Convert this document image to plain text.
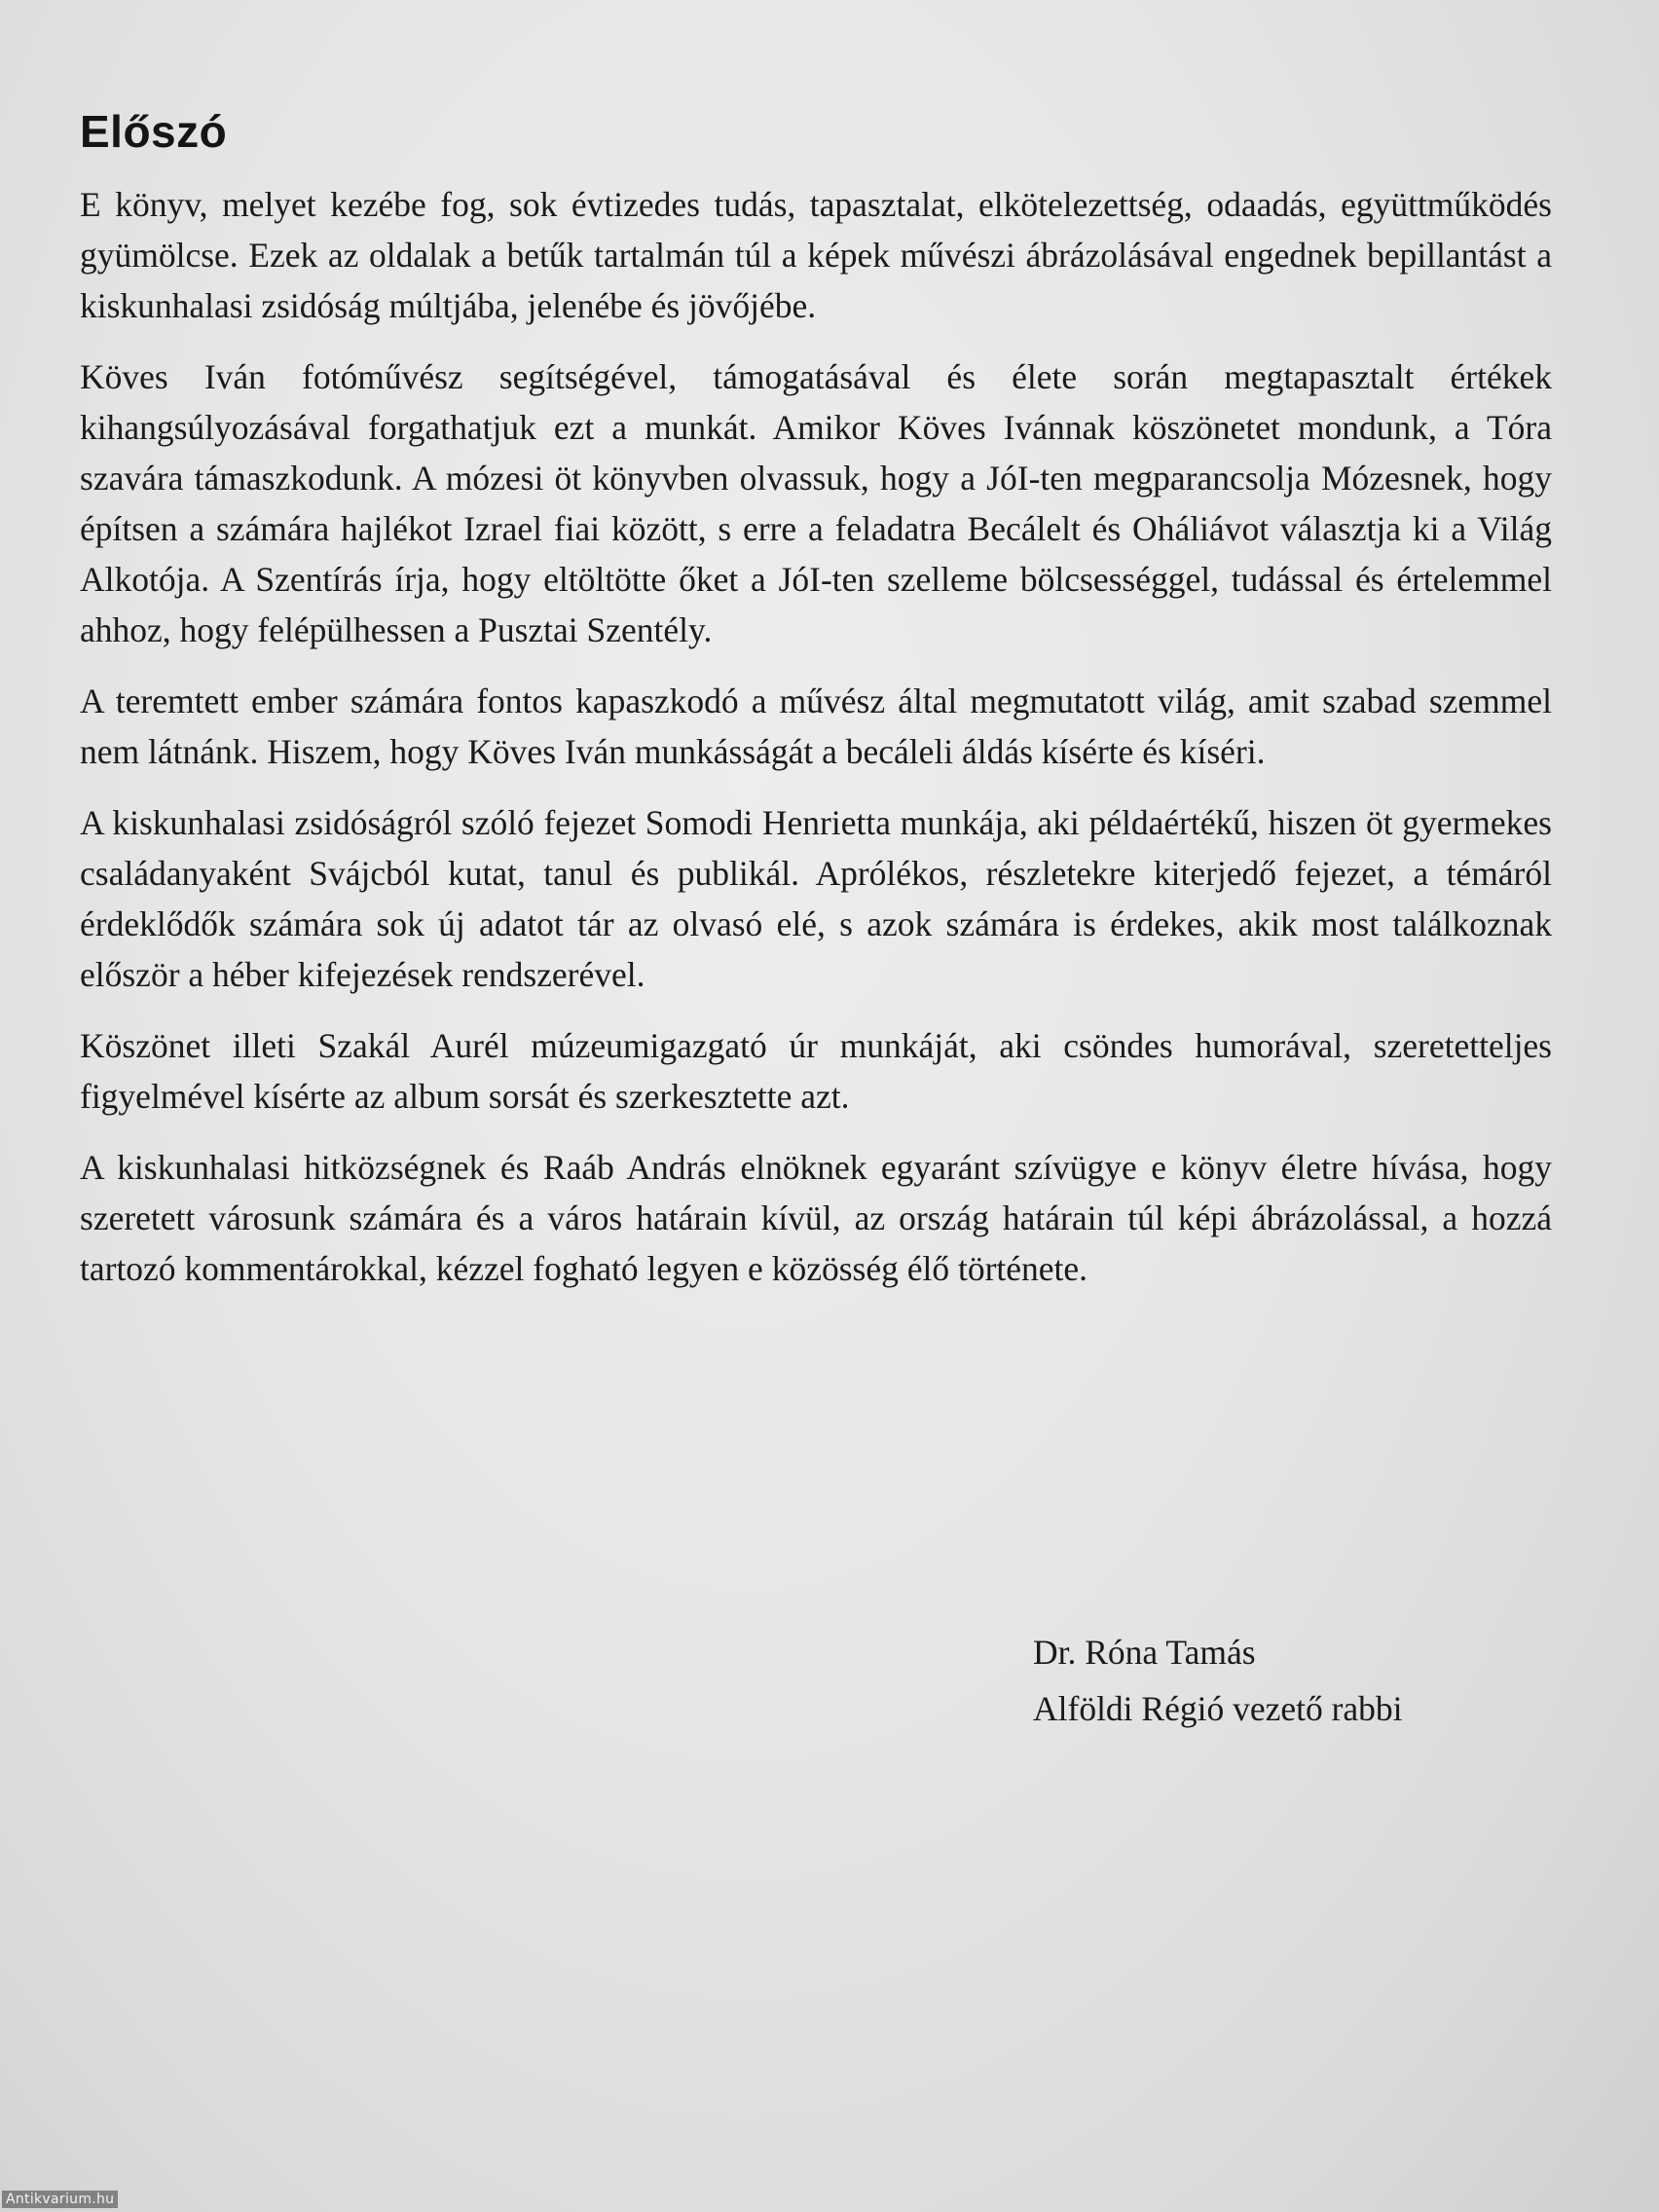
Előszó

E könyv, melyet kezébe fog, sok évtizedes tudás, tapasztalat, elkötelezettség, odaadás, együttműködés gyümölcse. Ezek az oldalak a betűk tartalmán túl a képek művészi ábrázolásával engednek bepillantást a kiskunhalasi zsidóság múltjába, jelenébe és jövőjébe.

Köves Iván fotóművész segítségével, támogatásával és élete során megtapasztalt értékek kihangsúlyozásával forgathatjuk ezt a munkát. Amikor Köves Ivánnak köszönetet mondunk, a Tóra szavára támaszkodunk. A mózesi öt könyvben olvassuk, hogy a JóI-ten megparancsolja Mózesnek, hogy építsen a számára hajlékot Izrael fiai között, s erre a feladatra Becálelt és Oháliávot választja ki a Világ Alkotója. A Szentírás írja, hogy eltöltötte őket a JóI-ten szelleme bölcsességgel, tudással és értelemmel ahhoz, hogy felépülhessen a Pusztai Szentély.

A teremtett ember számára fontos kapaszkodó a művész által megmutatott világ, amit szabad szemmel nem látnánk. Hiszem, hogy Köves Iván munkásságát a becáleli áldás kísérte és kíséri.

A kiskunhalasi zsidóságról szóló fejezet Somodi Henrietta munkája, aki példaértékű, hiszen öt gyermekes családanyaként Svájcból kutat, tanul és publikál. Aprólékos, részletekre kiterjedő fejezet, a témáról érdeklődők számára sok új adatot tár az olvasó elé, s azok számára is érdekes, akik most találkoznak először a héber kifejezések rendszerével.

Köszönet illeti Szakál Aurél múzeumigazgató úr munkáját, aki csöndes humorával, szeretetteljes figyelmével kísérte az album sorsát és szerkesztette azt.

A kiskunhalasi hitközségnek és Raáb András elnöknek egyaránt szívügye e könyv életre hívása, hogy szeretett városunk számára és a város határain kívül, az ország határain túl képi ábrázolással, a hozzá tartozó kommentárokkal, kézzel fogható legyen e közösség élő története.

Dr. Róna Tamás
Alföldi Régió vezető rabbi
Antikvarium.hu
